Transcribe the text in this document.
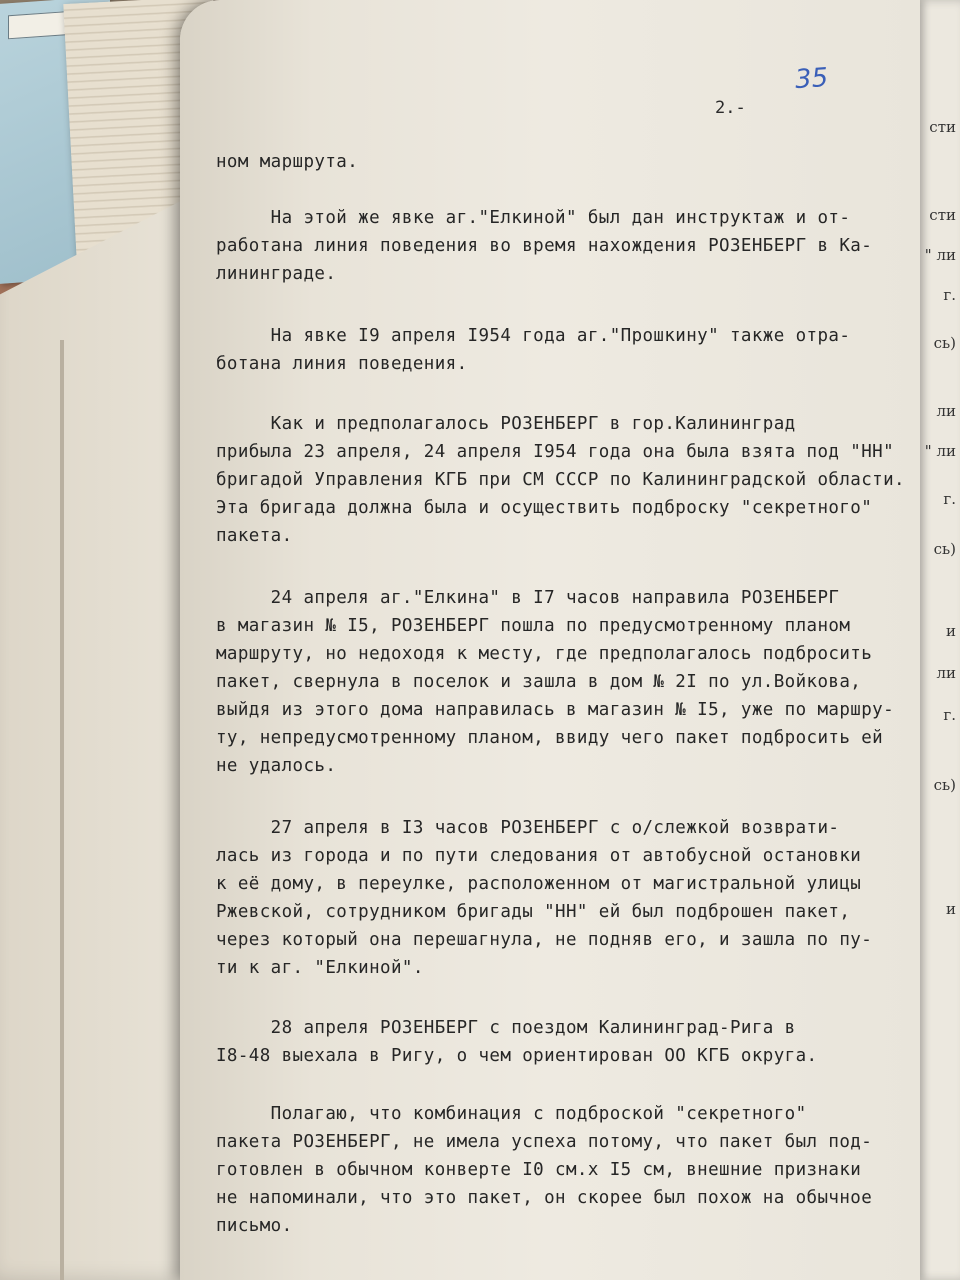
сти
сти
" ли
г.
сь)
ли
" ли
г.
сь)
и
ли
г.
сь)
и
35
2.-
ном маршрута.
На этой же явке аг."Елкиной" был дан инструктаж и от-
работана линия поведения во время нахождения РОЗЕНБЕРГ в Ка-
лининграде.
На явке I9 апреля I954 года аг."Прошкину" также отра-
ботана линия поведения.
Как и предполагалось РОЗЕНБЕРГ в гор.Калининград
прибыла 23 апреля, 24 апреля I954 года она была взята под "НН"
бригадой Управления КГБ при СМ СССР по Калининградской области.
Эта бригада должна была и осуществить подброску "секретного"
пакета.
24 апреля аг."Елкина" в I7 часов направила РОЗЕНБЕРГ
в магазин № I5, РОЗЕНБЕРГ пошла по предусмотренному планом
маршруту, но недоходя к месту, где предполагалось подбросить
пакет, свернула в поселок и зашла в дом № 2I по ул.Войкова,
выйдя из этого дома направилась в магазин № I5, уже по маршру-
ту, непредусмотренному планом, ввиду чего пакет подбросить ей
не удалось.
27 апреля в I3 часов РОЗЕНБЕРГ с о/слежкой возврати-
лась из города и по пути следования от автобусной остановки
к её дому, в переулке, расположенном от магистральной улицы
Ржевской, сотрудником бригады "НН" ей был подброшен пакет,
через который она перешагнула, не подняв его, и зашла по пу-
ти к аг. "Елкиной".
28 апреля РОЗЕНБЕРГ с поездом Калининград-Рига в
I8-48 выехала в Ригу, о чем ориентирован ОО КГБ округа.
Полагаю, что комбинация с подброской "секретного"
пакета РОЗЕНБЕРГ, не имела успеха потому, что пакет был под-
готовлен в обычном конверте I0 см.х I5 см, внешние признаки
не напоминали, что это пакет, он скорее был похож на обычное
письмо.
